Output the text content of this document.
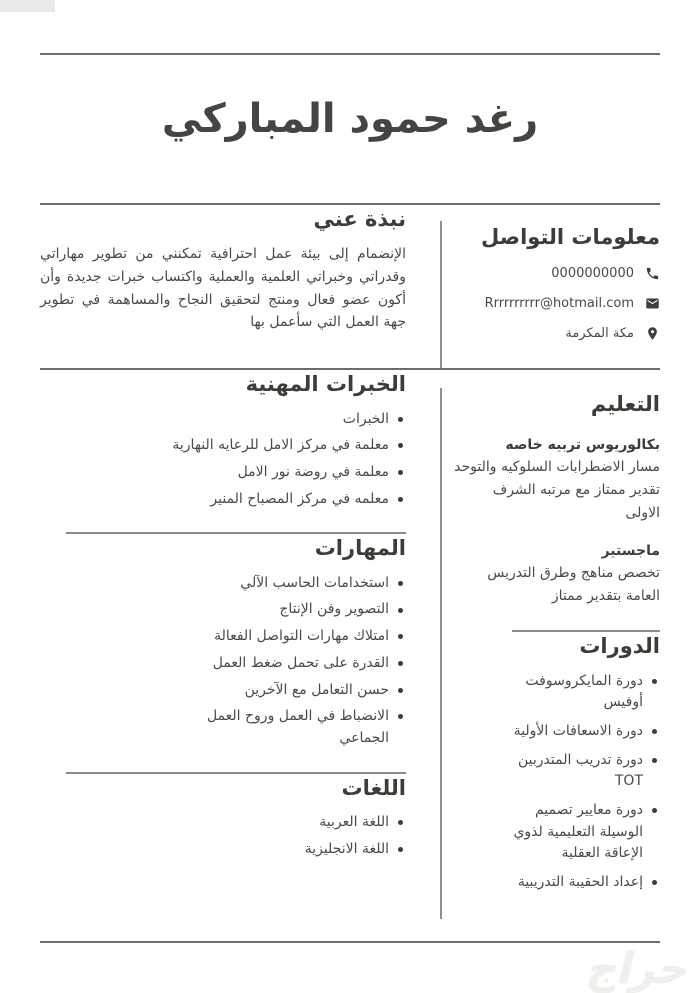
رغد حمود المباركي
معلومات التواصل
0000000000
Rrrrrrrrrr@hotmail.com
مكة المكرمة
نبذة عني

الإنضمام إلى بيئة عمل احترافية تمكنني من تطوير مهاراتي وقدراتي وخبراتي العلمية والعملية واكتساب خبرات جديدة وأن أكون عضو فعال ومنتج لتحقيق النجاح والمساهمة في تطوير جهة العمل التي سأعمل بها

التعليم
بكالوريوس تربيه خاصه
مسار الاضطرابات السلوكيه والتوحد تقدير ممتاز مع مرتبه الشرف الاولى
ماجستير
تخصص مناهج وطرق التدريس العامة بتقدير ممتاز
الدورات
دورة المايكروسوفت أوفيس
دورة الاسعافات الأولية
دورة تدريب المتدربين TOT
دورة معايير تصميم الوسيلة التعليمية لذوي الإعاقة العقلية
إعداد الحقيبة التدريبية
الخبرات المهنية
الخبرات
معلمة في مركز الامل للرعايه النهارية
معلمة في روضة نور الامل
معلمه في مركز المصباح المنير
المهارات
استخدامات الحاسب الآلي
التصوير وفن الإنتاج
امتلاك مهارات التواصل الفعالة
القدرة على تحمل ضغط العمل
حسن التعامل مع الآخرين
الانضباط في العمل وروح العمل الجماعي
اللغات
اللغة العربية
اللغة الانجليزية
حراج
